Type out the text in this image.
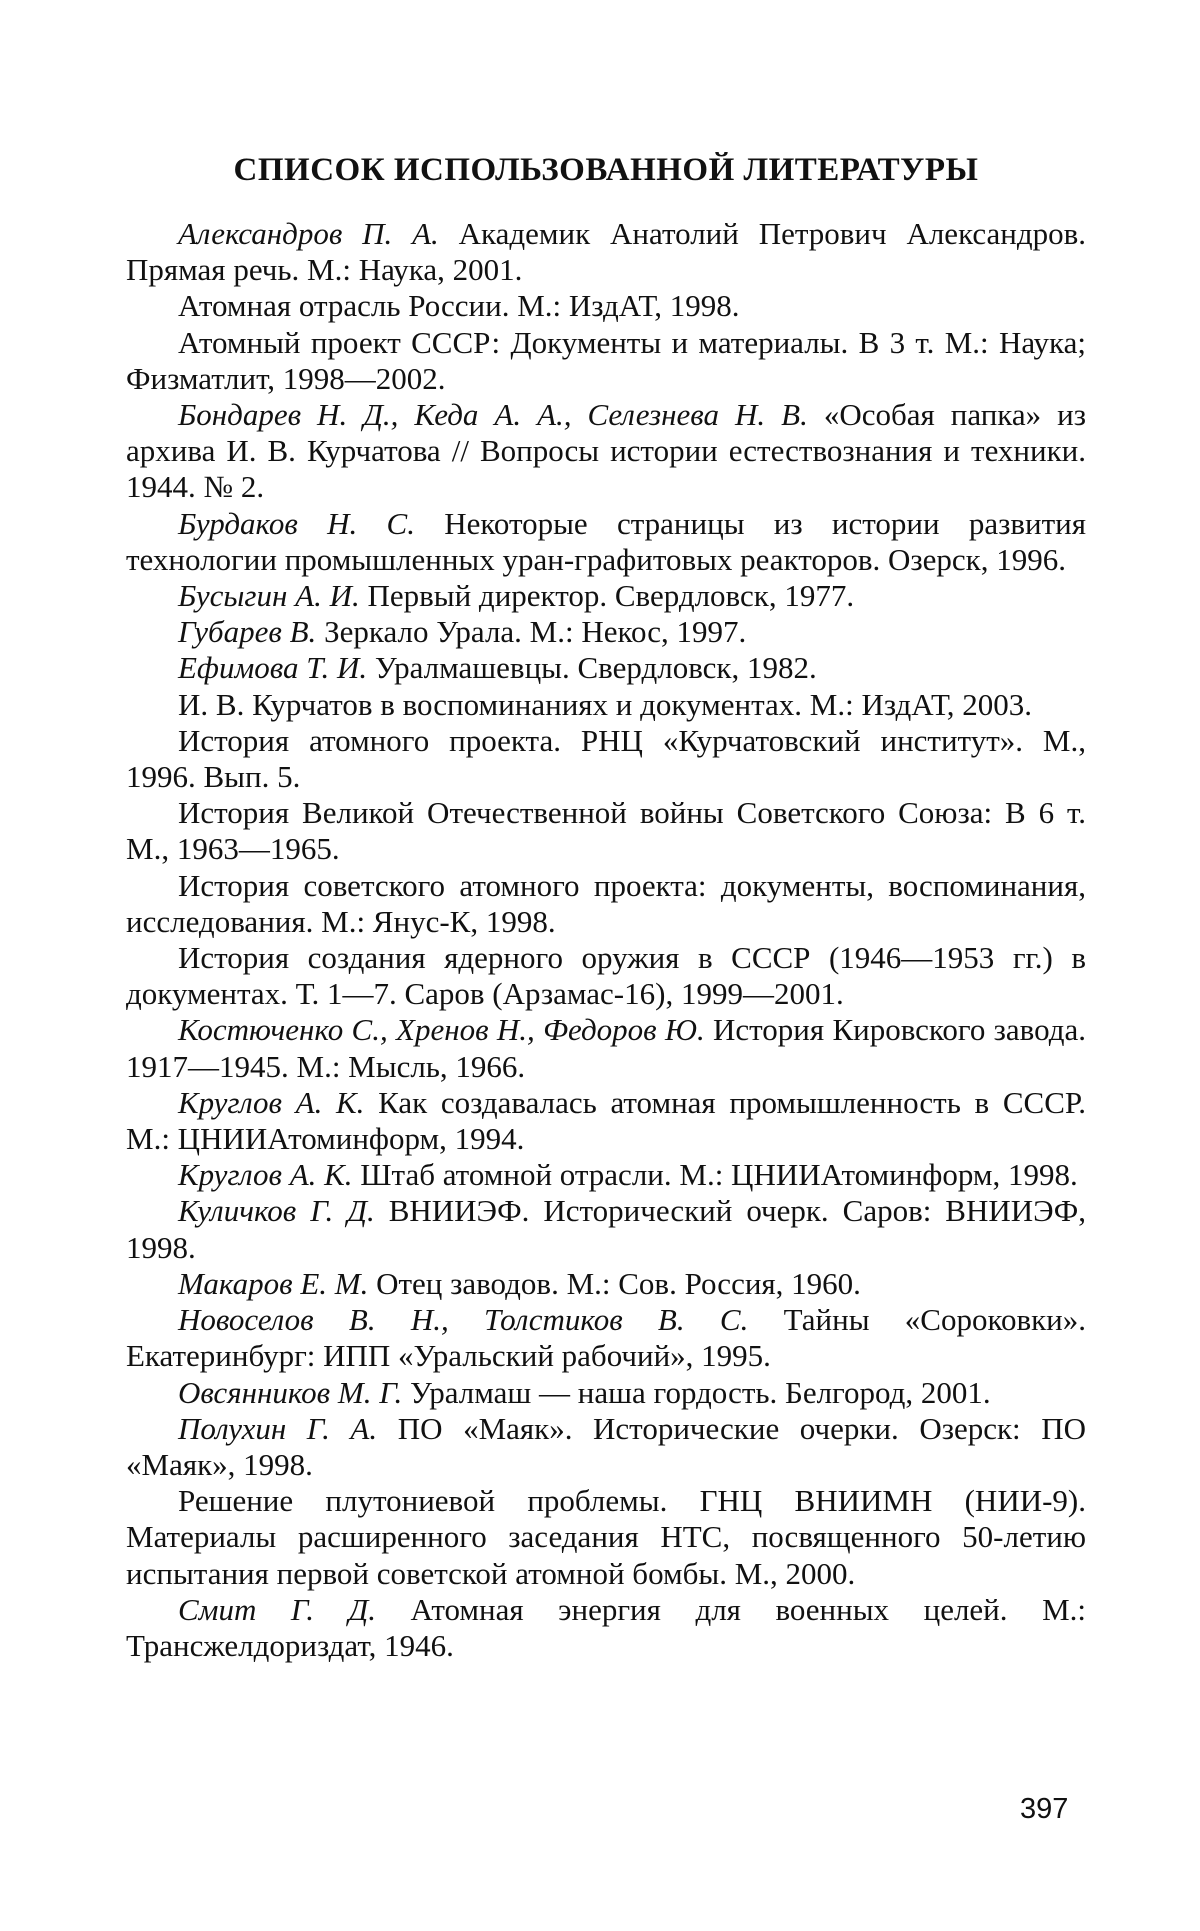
СПИСОК ИСПОЛЬЗОВАННОЙ ЛИТЕРАТУРЫ

Александров П. А. Академик Анатолий Петрович Александров. Прямая речь. М.: Наука, 2001.

Атомная отрасль России. М.: ИздАТ, 1998.

Атомный проект СССР: Документы и материалы. В 3 т. М.: Наука; Физматлит, 1998—2002.

Бондарев Н. Д., Кеда А. А., Селезнева Н. В. «Особая папка» из архива И. В. Курчатова // Вопросы истории естествознания и техники. 1944. № 2.

Бурдаков Н. С. Некоторые страницы из истории развития технологии промышленных уран-графитовых реакторов. Озерск, 1996.

Бусыгин А. И. Первый директор. Свердловск, 1977.

Губарев В. Зеркало Урала. М.: Некос, 1997.

Ефимова Т. И. Уралмашевцы. Свердловск, 1982.

И. В. Курчатов в воспоминаниях и документах. М.: ИздАТ, 2003.

История атомного проекта. РНЦ «Курчатовский институт». М., 1996. Вып. 5.

История Великой Отечественной войны Советского Союза: В 6 т. М., 1963—1965.

История советского атомного проекта: документы, воспоминания, исследования. М.: Янус-К, 1998.

История создания ядерного оружия в СССР (1946—1953 гг.) в документах. Т. 1—7. Саров (Арзамас-16), 1999—2001.

Костюченко С., Хренов Н., Федоров Ю. История Кировского завода. 1917—1945. М.: Мысль, 1966.

Круглов А. К. Как создавалась атомная промышленность в СССР. М.: ЦНИИАтоминформ, 1994.

Круглов А. К. Штаб атомной отрасли. М.: ЦНИИАтоминформ, 1998.

Куличков Г. Д. ВНИИЭФ. Исторический очерк. Саров: ВНИИЭФ, 1998.

Макаров Е. М. Отец заводов. М.: Сов. Россия, 1960.

Новоселов В. Н., Толстиков В. С. Тайны «Сороковки». Екатеринбург: ИПП «Уральский рабочий», 1995.

Овсянников М. Г. Уралмаш — наша гордость. Белгород, 2001.

Полухин Г. А. ПО «Маяк». Исторические очерки. Озерск: ПО «Маяк», 1998.

Решение плутониевой проблемы. ГНЦ ВНИИМН (НИИ-9). Материалы расширенного заседания НТС, посвященного 50-летию испытания первой советской атомной бомбы. М., 2000.

Смит Г. Д. Атомная энергия для военных целей. М.: Трансжелдориздат, 1946.

397
